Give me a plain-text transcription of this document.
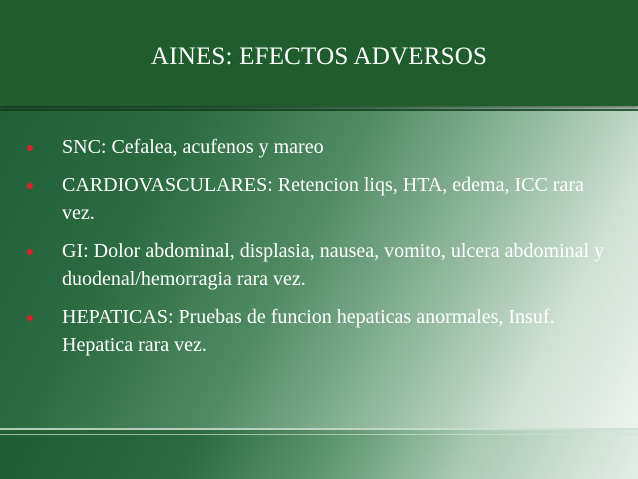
AINES: EFECTOS ADVERSOS
SNC: Cefalea, acufenos y mareo
CARDIOVASCULARES: Retencion liqs, HTA, edema, ICC rara vez.
GI: Dolor abdominal, displasia, nausea, vomito, ulcera abdominal y duodenal/hemorragia rara vez.
HEPATICAS: Pruebas de funcion hepaticas anormales, Insuf. Hepatica rara vez.
